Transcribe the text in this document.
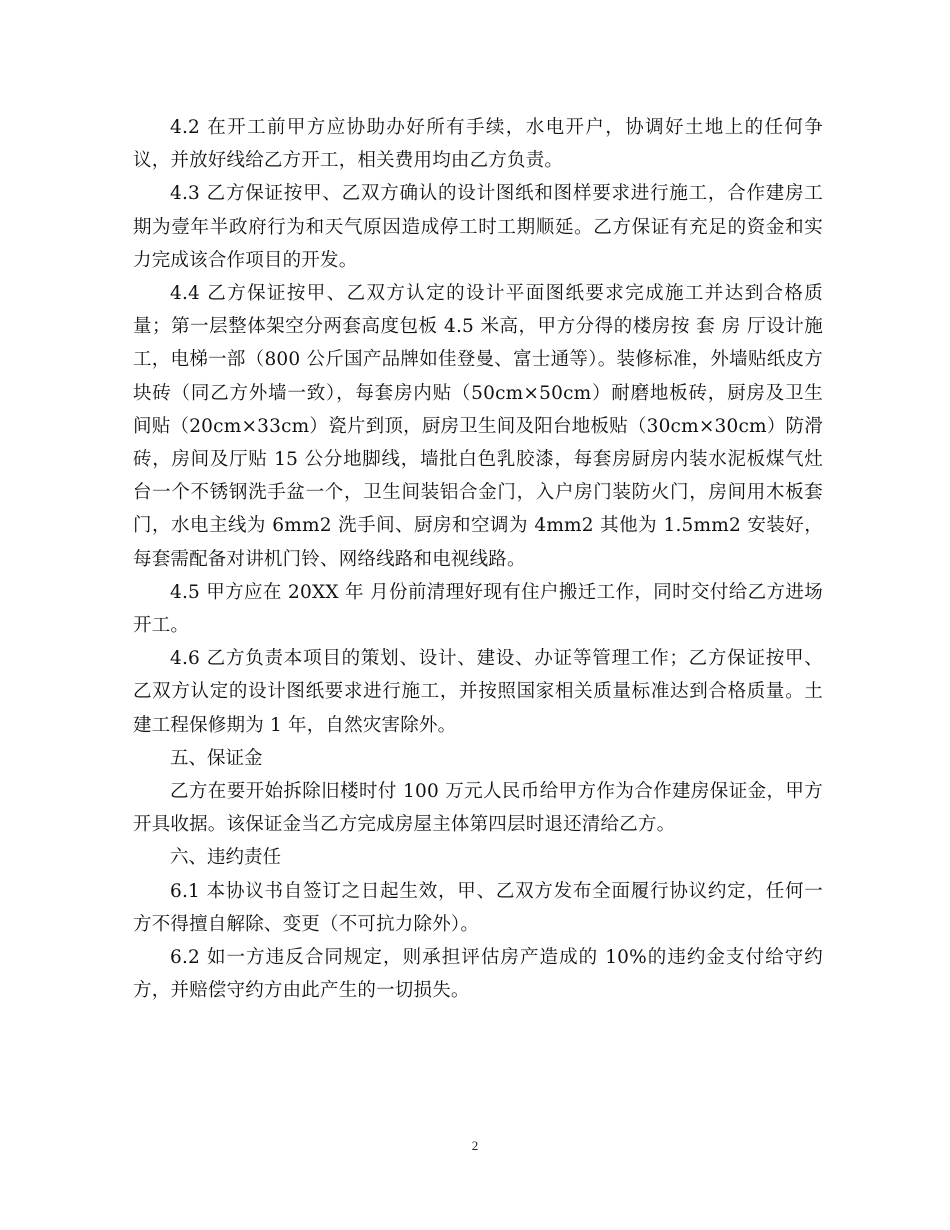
4.2 在开工前甲方应协助办好所有手续，水电开户，协调好土地上的任何争议，并放好线给乙方开工，相关费用均由乙方负责。

4.3 乙方保证按甲、乙双方确认的设计图纸和图样要求进行施工，合作建房工期为壹年半政府行为和天气原因造成停工时工期顺延。乙方保证有充足的资金和实力完成该合作项目的开发。

4.4 乙方保证按甲、乙双方认定的设计平面图纸要求完成施工并达到合格质量；第一层整体架空分两套高度包板 4.5 米高，甲方分得的楼房按 套 房 厅设计施工，电梯一部（800 公斤国产品牌如佳登曼、富士通等）。装修标准，外墙贴纸皮方块砖（同乙方外墙一致），每套房内贴（50cm×50cm）耐磨地板砖，厨房及卫生间贴（20cm×33cm）瓷片到顶，厨房卫生间及阳台地板贴（30cm×30cm）防滑砖，房间及厅贴 15 公分地脚线，墙批白色乳胶漆，每套房厨房内装水泥板煤气灶台一个不锈钢洗手盆一个，卫生间装铝合金门，入户房门装防火门，房间用木板套门，水电主线为 6mm2 洗手间、厨房和空调为 4mm2 其他为 1.5mm2 安装好，每套需配备对讲机门铃、网络线路和电视线路。

4.5 甲方应在 20XX 年 月份前清理好现有住户搬迁工作，同时交付给乙方进场开工。

4.6 乙方负责本项目的策划、设计、建设、办证等管理工作；乙方保证按甲、乙双方认定的设计图纸要求进行施工，并按照国家相关质量标准达到合格质量。土建工程保修期为 1 年，自然灾害除外。

五、保证金

乙方在要开始拆除旧楼时付 100 万元人民币给甲方作为合作建房保证金，甲方开具收据。该保证金当乙方完成房屋主体第四层时退还清给乙方。

六、违约责任

6.1 本协议书自签订之日起生效，甲、乙双方发布全面履行协议约定，任何一方不得擅自解除、变更（不可抗力除外）。

6.2 如一方违反合同规定，则承担评估房产造成的 10%的违约金支付给守约方，并赔偿守约方由此产生的一切损失。

2
